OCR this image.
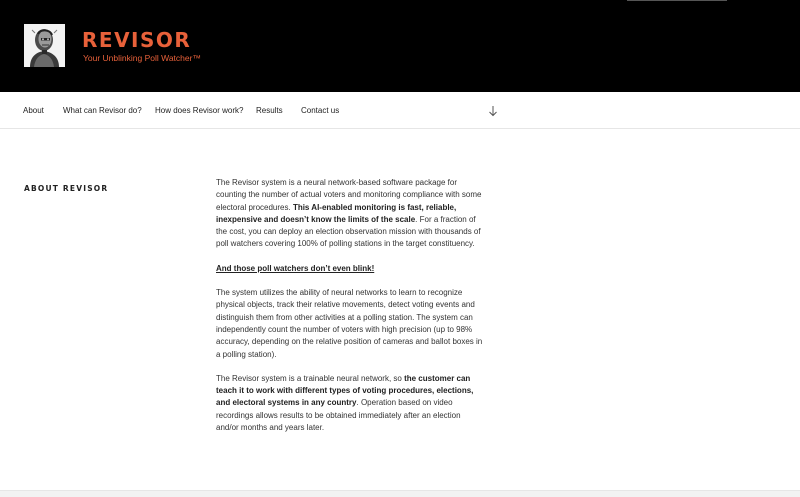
REVISOR
Your Unblinking Poll Watcher™
About What can Revisor do? How does Revisor work? Results Contact us
ABOUT REVISOR

The Revisor system is a neural network-based software package for counting the number of actual voters and monitoring compliance with some electoral procedures. This AI-enabled monitoring is fast, reliable, inexpensive and doesn’t know the limits of the scale. For a fraction of the cost, you can deploy an election observation mission with thousands of poll watchers covering 100% of polling stations in the target constituency.

And those poll watchers don’t even blink!

The system utilizes the ability of neural networks to learn to recognize physical objects, track their relative movements, detect voting events and distinguish them from other activities at a polling station. The system can independently count the number of voters with high precision (up to 98% accuracy, depending on the relative position of cameras and ballot boxes in a polling station).

The Revisor system is a trainable neural network, so the customer can teach it to work with different types of voting procedures, elections, and electoral systems in any country. Operation based on video recordings allows results to be obtained immediately after an election and/or months and years later.
